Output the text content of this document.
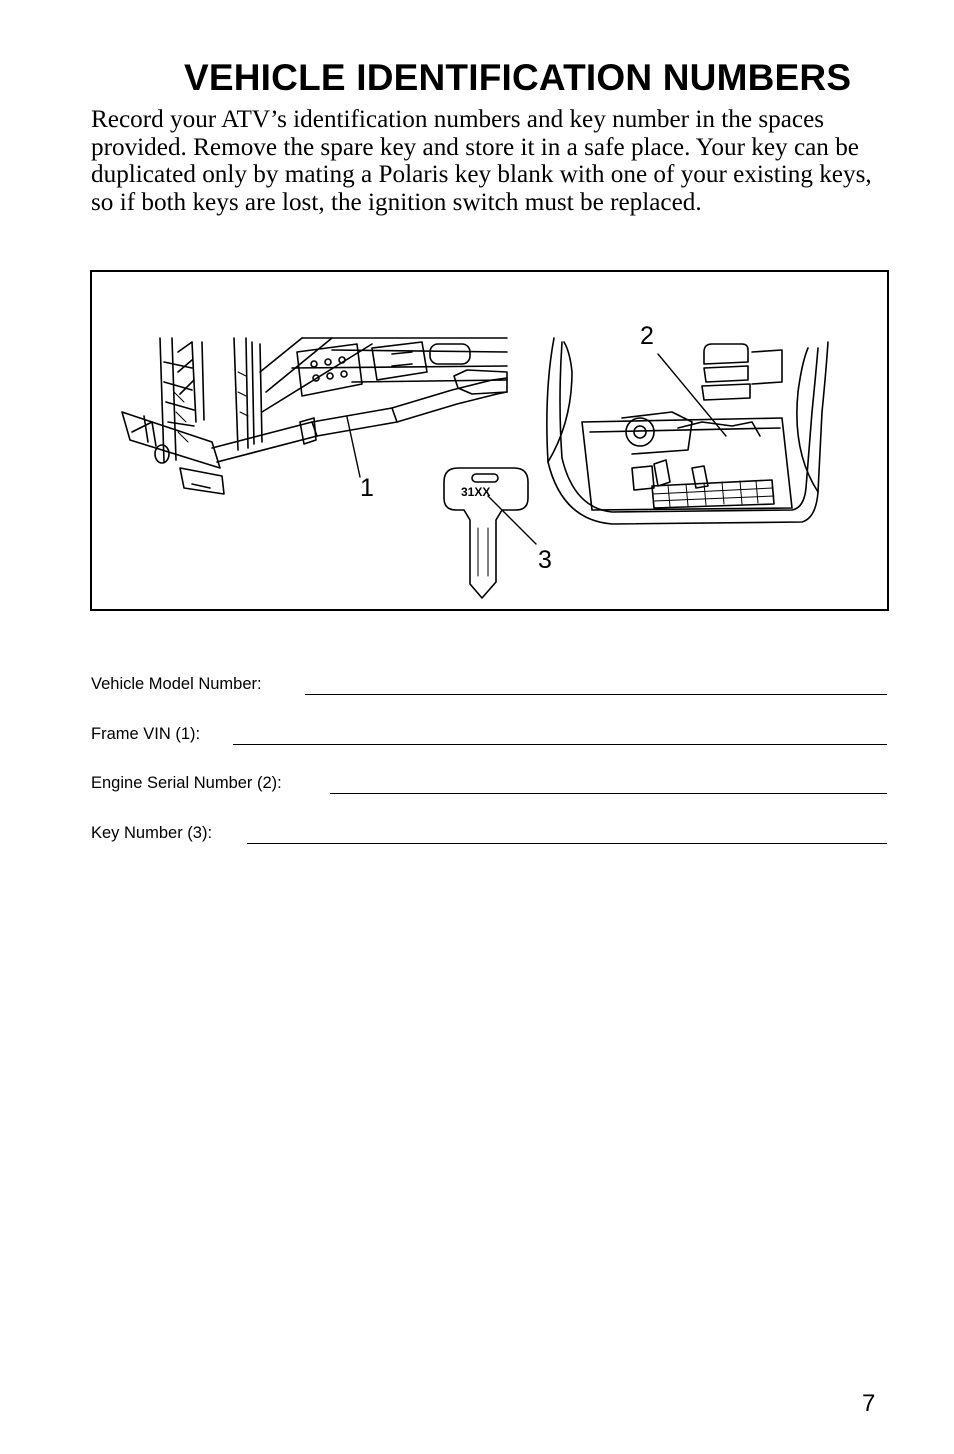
VEHICLE IDENTIFICATION NUMBERS

Record your ATV’s identification numbers and key number in the spaces provided. Remove the spare key and store it in a safe place. Your key can be duplicated only by mating a Polaris key blank with one of your existing keys, so if both keys are lost, the ignition switch must be replaced.

31XX
1
2
3
Vehicle Model Number:
Frame VIN (1):
Engine Serial Number (2):
Key Number (3):
7
